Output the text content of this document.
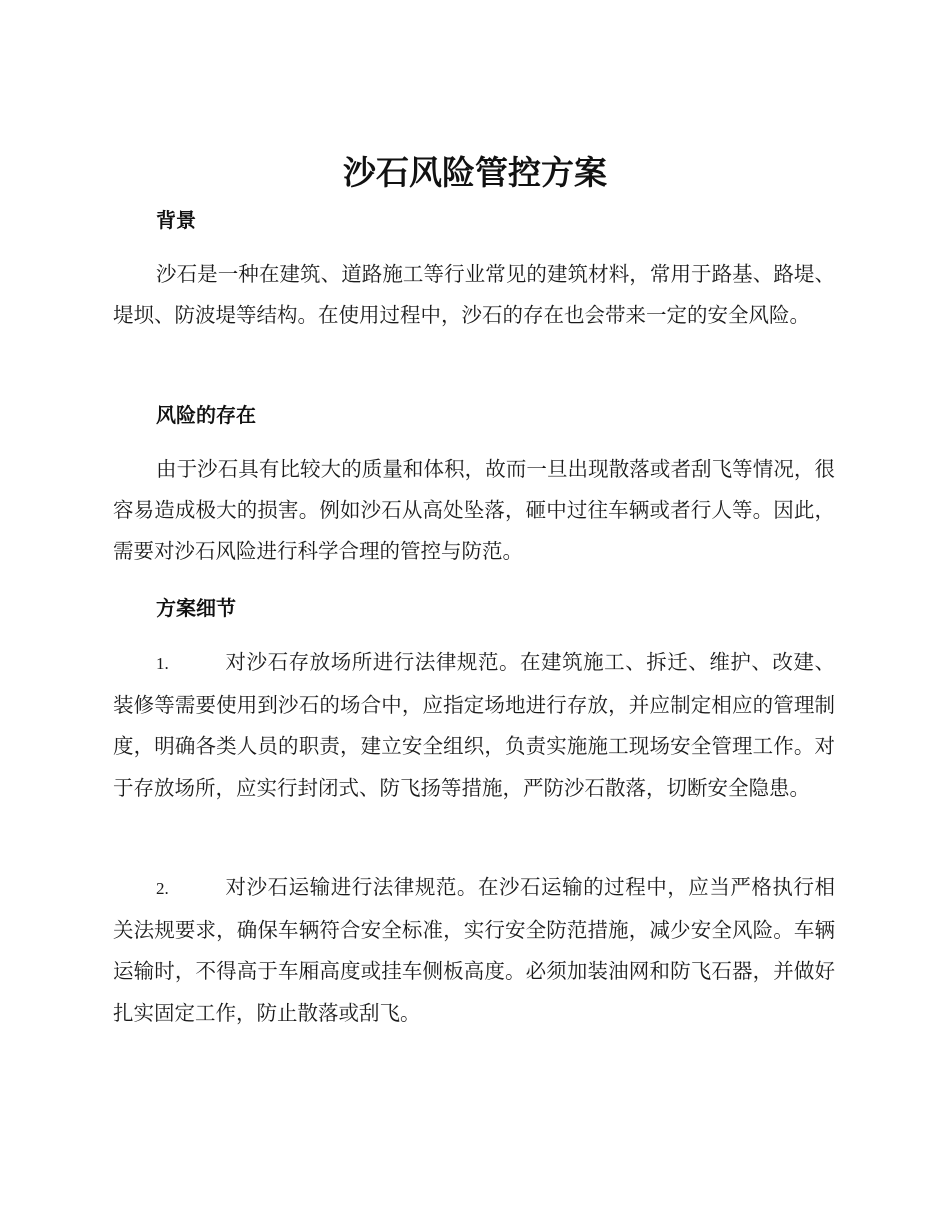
沙石风险管控方案
背景

沙石是一种在建筑、道路施工等行业常见的建筑材料，常用于路基、路堤、堤坝、防波堤等结构。在使用过程中，沙石的存在也会带来一定的安全风险。

风险的存在

由于沙石具有比较大的质量和体积，故而一旦出现散落或者刮飞等情况，很容易造成极大的损害。例如沙石从高处坠落，砸中过往车辆或者行人等。因此，需要对沙石风险进行科学合理的管控与防范。

方案细节

1.	对沙石存放场所进行法律规范。在建筑施工、拆迁、维护、改建、装修等需要使用到沙石的场合中，应指定场地进行存放，并应制定相应的管理制度，明确各类人员的职责，建立安全组织，负责实施施工现场安全管理工作。对于存放场所，应实行封闭式、防飞扬等措施，严防沙石散落，切断安全隐患。

2.	对沙石运输进行法律规范。在沙石运输的过程中，应当严格执行相关法规要求，确保车辆符合安全标准，实行安全防范措施，减少安全风险。车辆运输时，不得高于车厢高度或挂车侧板高度。必须加装油网和防飞石器，并做好扎实固定工作，防止散落或刮飞。
